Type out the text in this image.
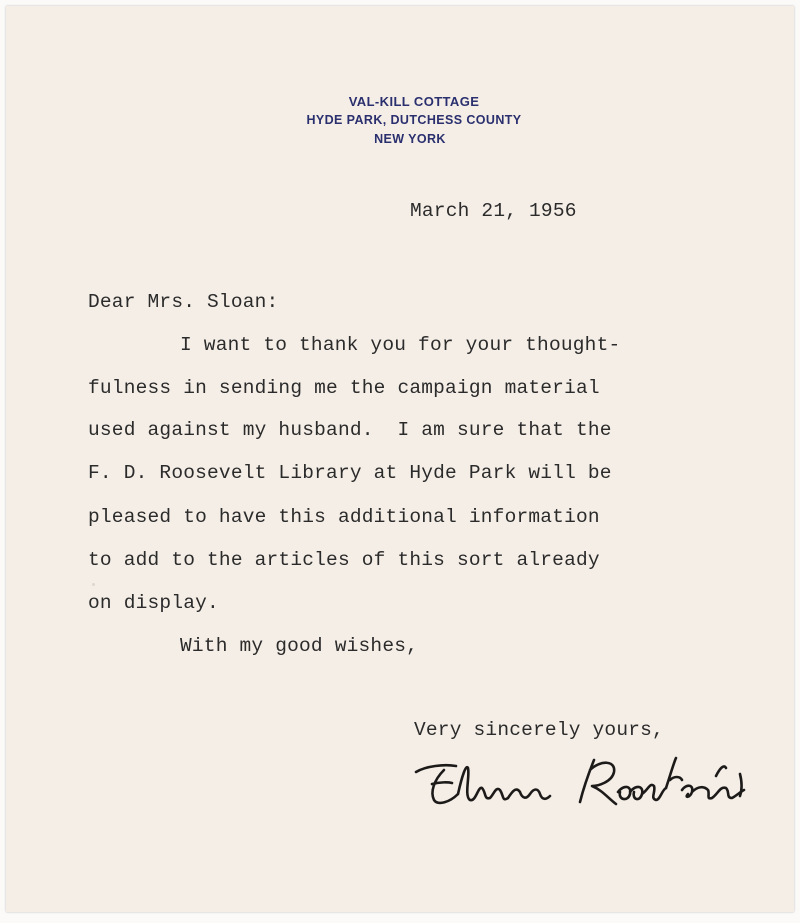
VAL-KILL COTTAGE
HYDE PARK, DUTCHESS COUNTY
NEW YORK
March 21, 1956
Dear Mrs. Sloan:
I want to thank you for your thought-
fulness in sending me the campaign material
used against my husband.  I am sure that the
F. D. Roosevelt Library at Hyde Park will be
pleased to have this additional information
to add to the articles of this sort already
on display.
With my good wishes,
Very sincerely yours,
